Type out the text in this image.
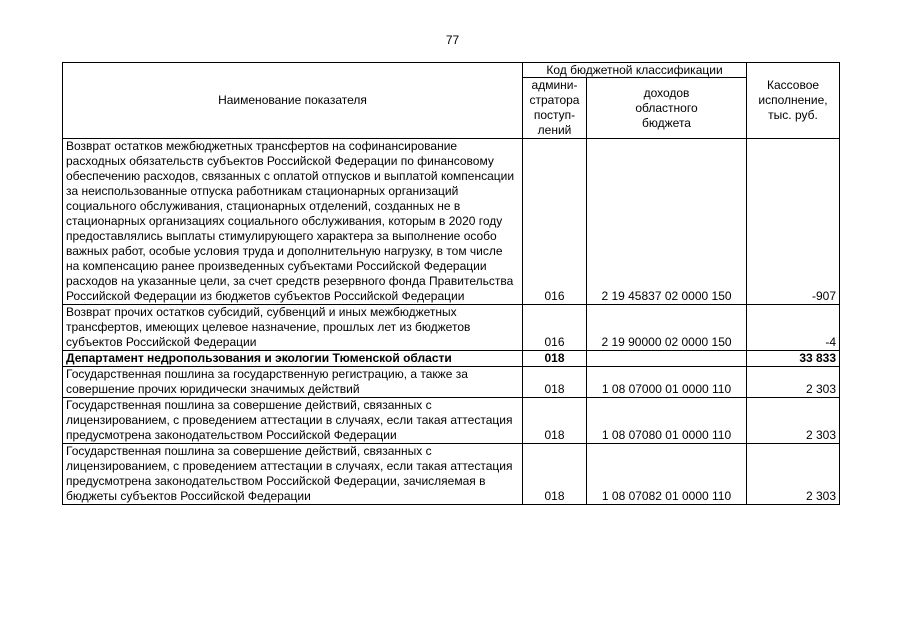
77
Наименование показателя	Код бюджетной классификации		Кассовое
исполнение,
тыс. руб.
	админи-
стратора
поступ-
лений	доходов
областного
бюджета	
Возврат остатков межбюджетных трансфертов на софинансирование расходных обязательств субъектов Российской Федерации по финансовому обеспечению расходов, связанных с оплатой отпусков и выплатой компенсации за неиспользованные отпуска работникам стационарных организаций социального обслуживания, стационарных отделений, созданных не в стационарных организациях социального обслуживания, которым в 2020 году предоставлялись выплаты стимулирующего характера за выполнение особо важных работ, особые условия труда и дополнительную нагрузку, в том числе на компенсацию ранее произведенных субъектами Российской Федерации расходов на указанные цели, за счет средств резервного фонда Правительства Российской Федерации из бюджетов субъектов Российской Федерации	016	2 19 45837 02 0000 150	-907
Возврат прочих остатков субсидий, субвенций и иных межбюджетных трансфертов, имеющих целевое назначение, прошлых лет из бюджетов субъектов Российской Федерации	016	2 19 90000 02 0000 150	-4
Департамент недропользования и экологии Тюменской области	018		33 833
Государственная пошлина за государственную регистрацию, а также за совершение прочих юридически значимых действий	018	1 08 07000 01 0000 110	2 303
Государственная пошлина за совершение действий, связанных с лицензированием, с проведением аттестации в случаях, если такая аттестация предусмотрена законодательством Российской Федерации	018	1 08 07080 01 0000 110	2 303
Государственная пошлина за совершение действий, связанных с лицензированием, с проведением аттестации в случаях, если такая аттестация предусмотрена законодательством Российской Федерации, зачисляемая в бюджеты субъектов Российской Федерации	018	1 08 07082 01 0000 110	2 303
